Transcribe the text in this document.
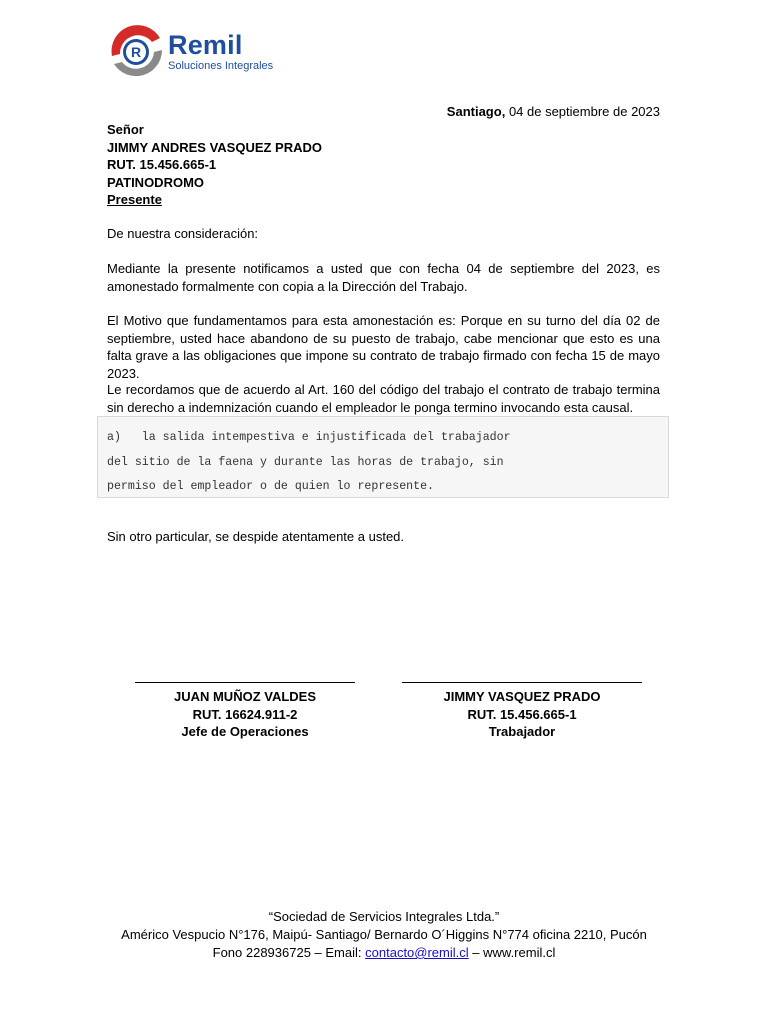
R Remil
Soluciones Integrales
Santiago, 04 de septiembre de 2023
Señor
JIMMY ANDRES VASQUEZ PRADO
RUT. 15.456.665-1
PATINODROMO
Presente
De nuestra consideración:
Mediante la presente notificamos a usted que con fecha 04 de septiembre del 2023, es amonestado formalmente con copia a la Dirección del Trabajo.
El Motivo que fundamentamos para esta amonestación es: Porque en su turno del día 02 de septiembre, usted hace abandono de su puesto de trabajo, cabe mencionar que esto es una falta grave a las obligaciones que impone su contrato de trabajo firmado con fecha 15 de mayo 2023.
Le recordamos que de acuerdo al Art. 160 del código del trabajo el contrato de trabajo termina sin derecho a indemnización cuando el empleador le ponga termino invocando esta causal.
a)   la salida intempestiva e injustificada del trabajador
del sitio de la faena y durante las horas de trabajo, sin
permiso del empleador o de quien lo represente.
Sin otro particular, se despide atentamente a usted.
JUAN MUÑOZ VALDES
RUT. 16624.911-2
Jefe de Operaciones
JIMMY VASQUEZ PRADO
RUT. 15.456.665-1
Trabajador
“Sociedad de Servicios Integrales Ltda.”
Américo Vespucio N°176, Maipú- Santiago/ Bernardo O´Higgins N°774 oficina 2210, Pucón
Fono 228936725 – Email: contacto@remil.cl – www.remil.cl
